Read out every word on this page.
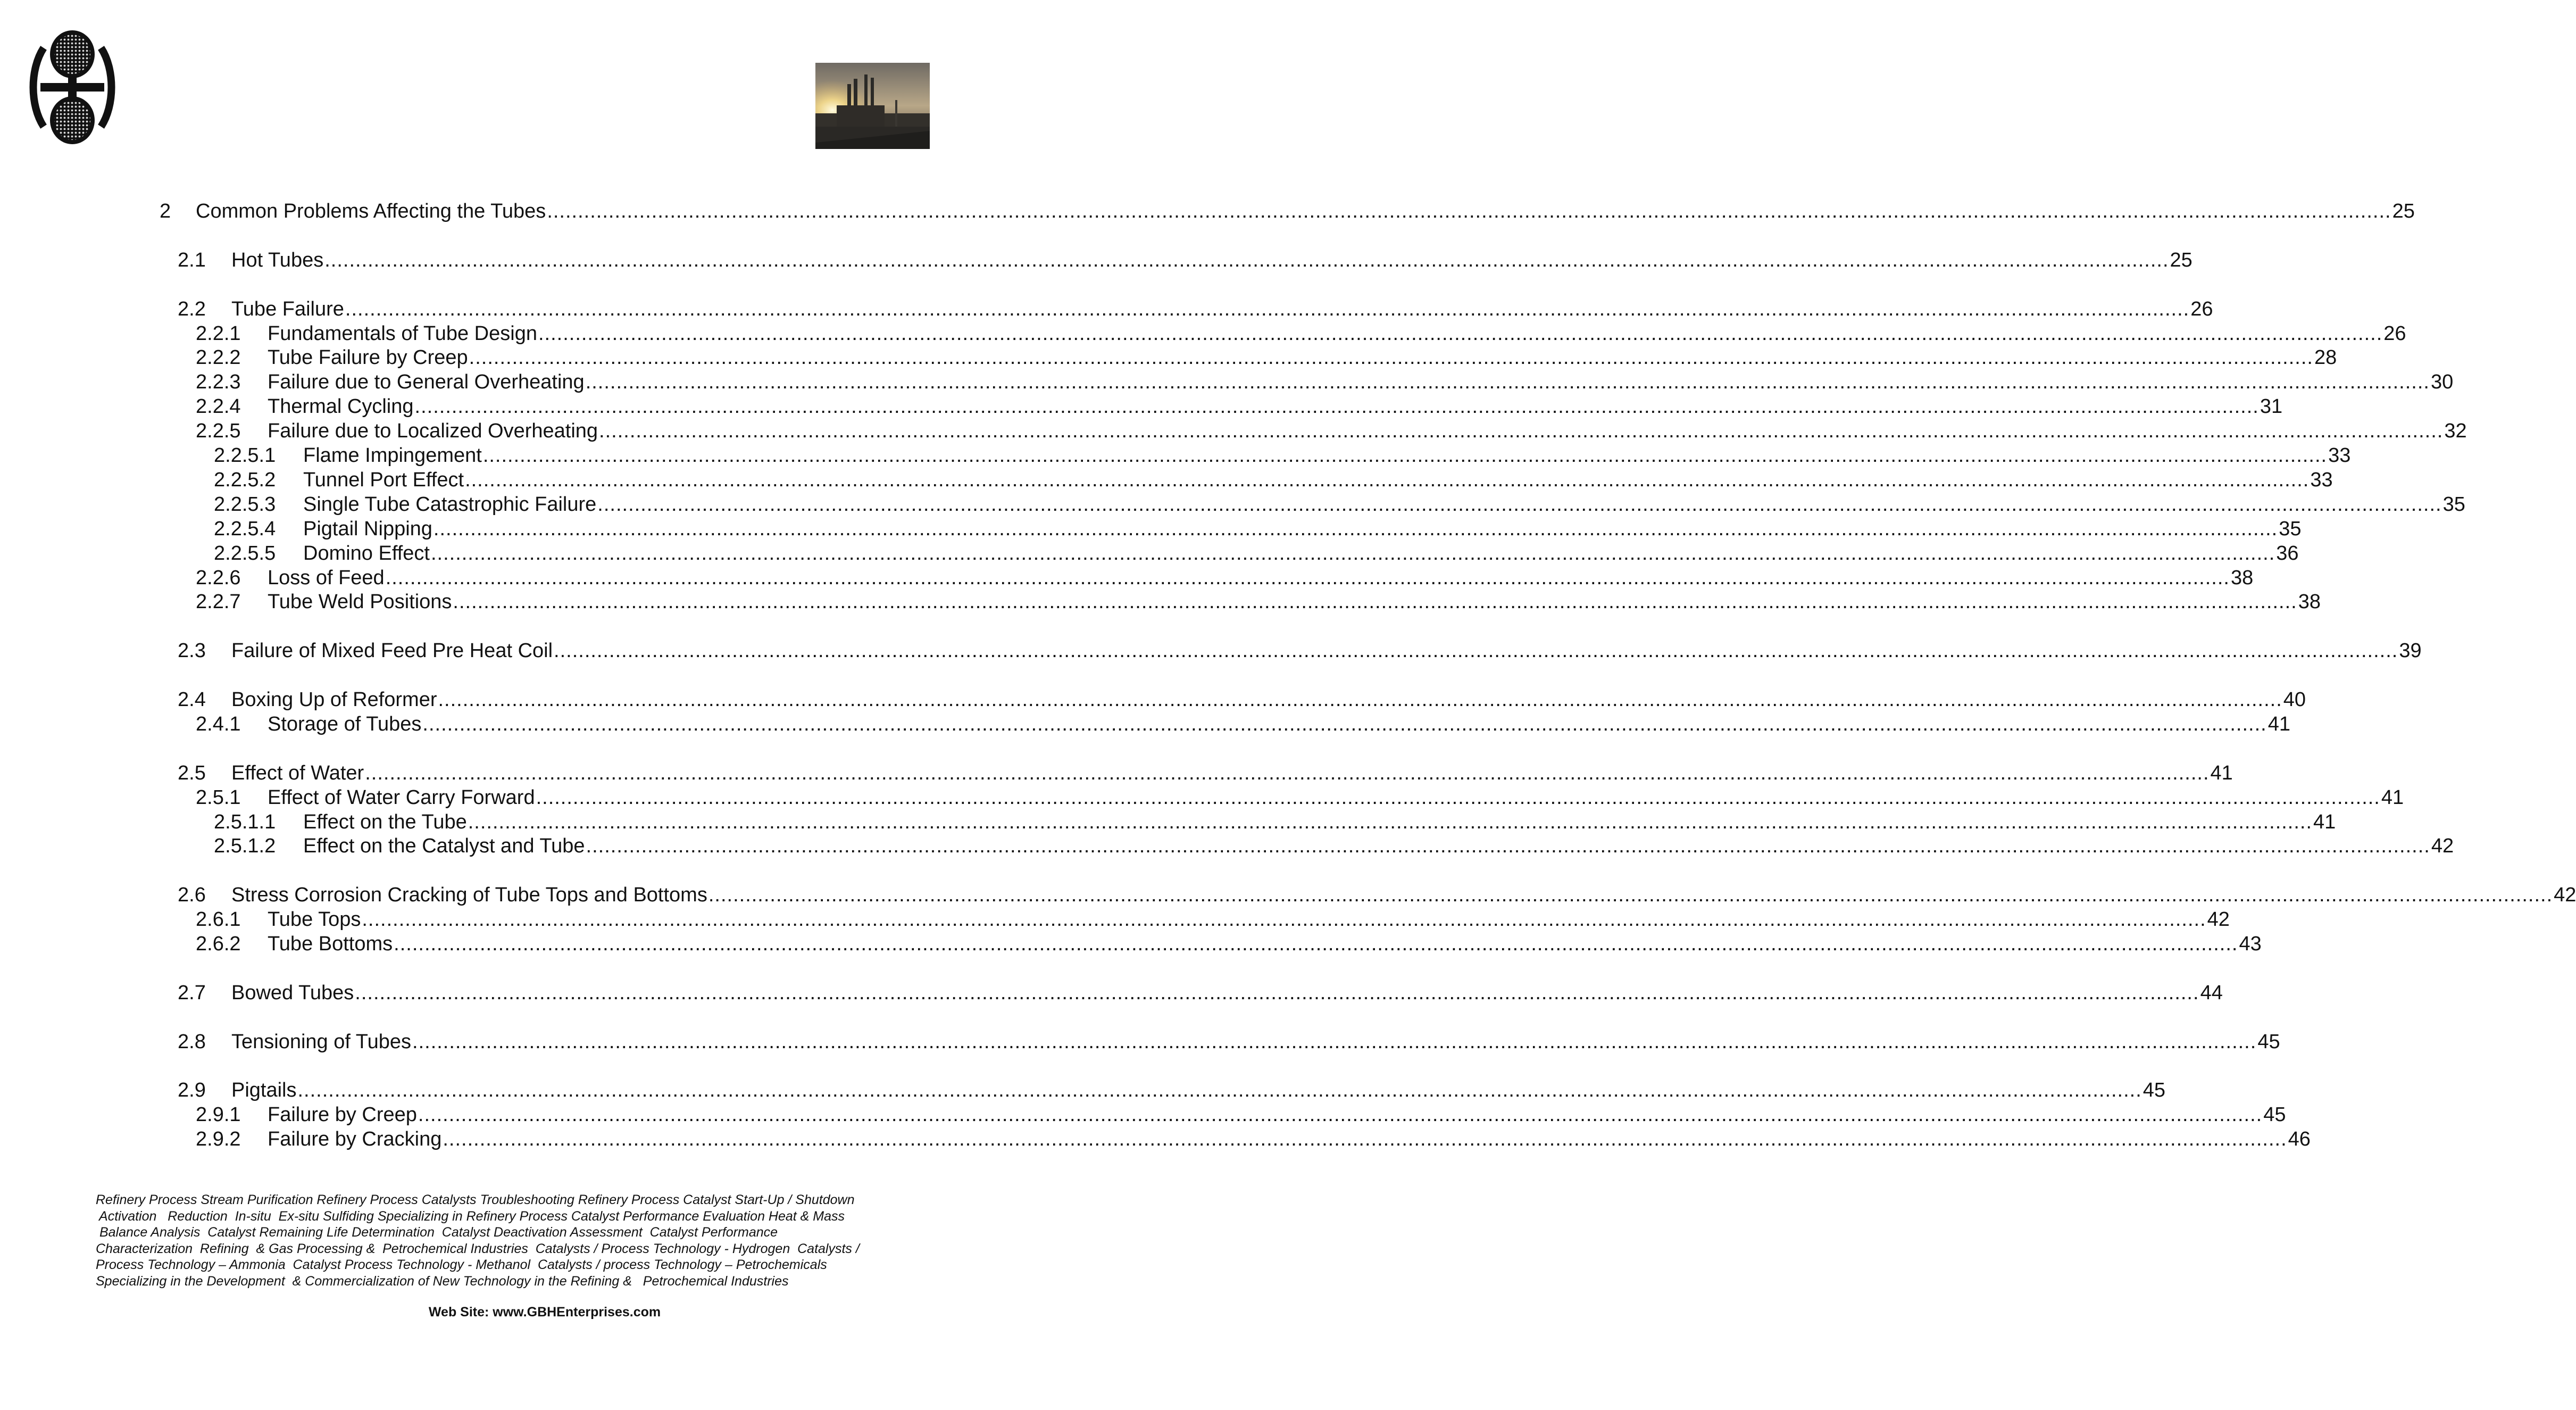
2	Common Problems Affecting the Tubes ............................................................................................................................................................................................................................................................................................................ 25
2.1	Hot Tubes ............................................................................................................................................................................................................................................................................................................ 25
2.2	Tube Failure ............................................................................................................................................................................................................................................................................................................ 26
2.2.1	Fundamentals of Tube Design ............................................................................................................................................................................................................................................................................................................ 26
2.2.2	Tube Failure by Creep ............................................................................................................................................................................................................................................................................................................ 28
2.2.3	Failure due to General Overheating ............................................................................................................................................................................................................................................................................................................ 30
2.2.4	Thermal Cycling ............................................................................................................................................................................................................................................................................................................ 31
2.2.5	Failure due to Localized Overheating ............................................................................................................................................................................................................................................................................................................ 32
2.2.5.1	Flame Impingement ............................................................................................................................................................................................................................................................................................................ 33
2.2.5.2	Tunnel Port Effect ............................................................................................................................................................................................................................................................................................................ 33
2.2.5.3	Single Tube Catastrophic Failure ............................................................................................................................................................................................................................................................................................................ 35
2.2.5.4	Pigtail Nipping ............................................................................................................................................................................................................................................................................................................ 35
2.2.5.5	Domino Effect ............................................................................................................................................................................................................................................................................................................ 36
2.2.6	Loss of Feed ............................................................................................................................................................................................................................................................................................................ 38
2.2.7	Tube Weld Positions ............................................................................................................................................................................................................................................................................................................ 38
2.3	Failure of Mixed Feed Pre Heat Coil ............................................................................................................................................................................................................................................................................................................ 39
2.4	Boxing Up of Reformer ............................................................................................................................................................................................................................................................................................................ 40
2.4.1	Storage of Tubes ............................................................................................................................................................................................................................................................................................................ 41
2.5	Effect of Water ............................................................................................................................................................................................................................................................................................................ 41
2.5.1	Effect of Water Carry Forward ............................................................................................................................................................................................................................................................................................................ 41
2.5.1.1	Effect on the Tube ............................................................................................................................................................................................................................................................................................................ 41
2.5.1.2	Effect on the Catalyst and Tube ............................................................................................................................................................................................................................................................................................................ 42
2.6	Stress Corrosion Cracking of Tube Tops and Bottoms ............................................................................................................................................................................................................................................................................................................ 42
2.6.1	Tube Tops ............................................................................................................................................................................................................................................................................................................ 42
2.6.2	Tube Bottoms ............................................................................................................................................................................................................................................................................................................ 43
2.7	Bowed Tubes ............................................................................................................................................................................................................................................................................................................ 44
2.8	Tensioning of Tubes ............................................................................................................................................................................................................................................................................................................ 45
2.9	Pigtails ............................................................................................................................................................................................................................................................................................................ 45
2.9.1	Failure by Creep ............................................................................................................................................................................................................................................................................................................ 45
2.9.2	Failure by Cracking ............................................................................................................................................................................................................................................................................................................ 46
Refinery Process Stream Purification Refinery Process Catalysts Troubleshooting Refinery Process Catalyst Start-Up / Shutdown
Activation   Reduction  In-situ  Ex-situ Sulfiding Specializing in Refinery Process Catalyst Performance Evaluation Heat & Mass
Balance Analysis  Catalyst Remaining Life Determination  Catalyst Deactivation Assessment  Catalyst Performance
Characterization  Refining  & Gas Processing &  Petrochemical Industries  Catalysts / Process Technology - Hydrogen  Catalysts /
Process Technology – Ammonia  Catalyst Process Technology - Methanol  Catalysts / process Technology – Petrochemicals
Specializing in the Development  & Commercialization of New Technology in the Refining &   Petrochemical Industries
Web Site: www.GBHEnterprises.com
